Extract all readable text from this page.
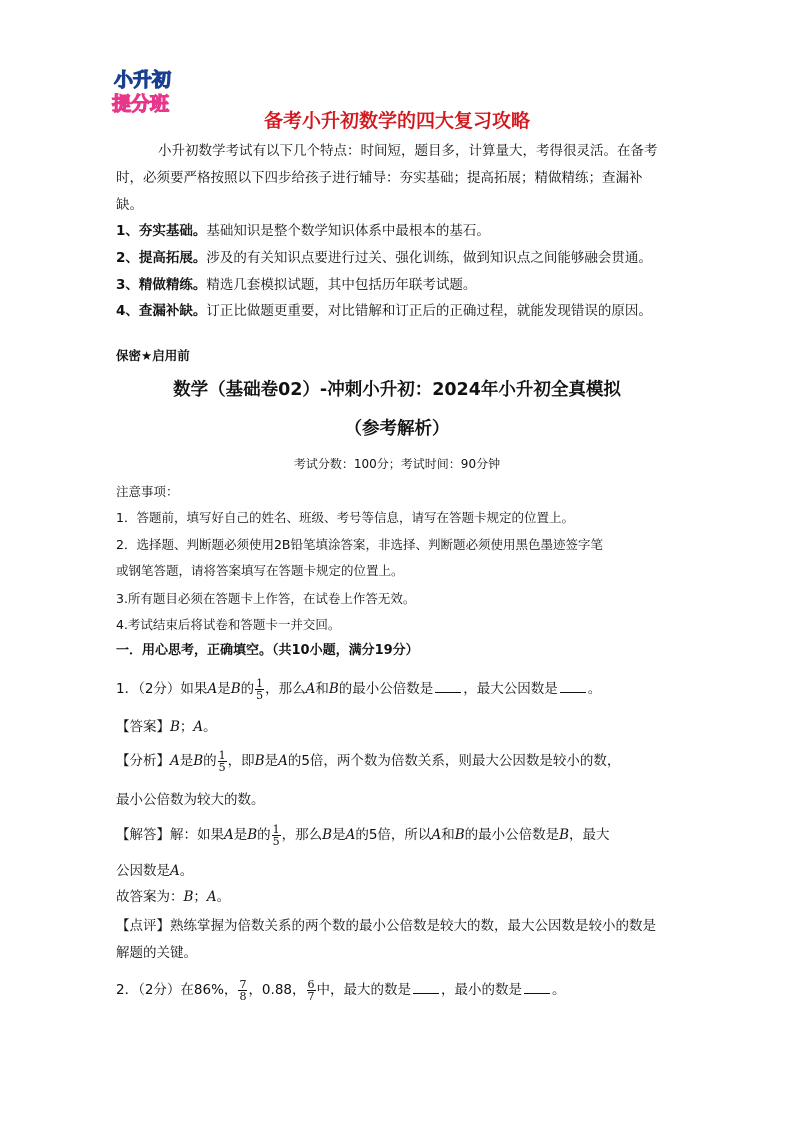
小升初
提分班
备考小升初数学的四大复习攻略
小升初数学考试有以下几个特点：时间短，题目多，计算量大，考得很灵活。在备考
时，必须要严格按照以下四步给孩子进行辅导：夯实基础；提高拓展；精做精练；查漏补
缺。
1、夯实基础。基础知识是整个数学知识体系中最根本的基石。
2、提高拓展。涉及的有关知识点要进行过关、强化训练，做到知识点之间能够融会贯通。
3、精做精练。精选几套模拟试题，其中包括历年联考试题。
4、查漏补缺。订正比做题更重要，对比错解和订正后的正确过程，就能发现错误的原因。
保密★启用前
数学（基础卷02）-冲刺小升初：2024年小升初全真模拟
（参考解析）
考试分数：100分；考试时间：90分钟
注意事项：
1．答题前，填写好自己的姓名、班级、考号等信息，请写在答题卡规定的位置上。
2．选择题、判断题必须使用2B铅笔填涂答案，非选择、判断题必须使用黑色墨迹签字笔
或钢笔答题，请将答案填写在答题卡规定的位置上。
3.所有题目必须在答题卡上作答，在试卷上作答无效。
4.考试结束后将试卷和答题卡一并交回。
一．用心思考，正确填空。（共10小题，满分19分）
1．（2分）如果A是B的 $\frac{1}{5}$ ，那么A和B的最小公倍数是 ，最大公因数是 。
【答案】B；A。
【分析】A是B的 $\frac{1}{5}$ ，即B是A的5倍，两个数为倍数关系，则最大公因数是较小的数，
最小公倍数为较大的数。
【解答】解：如果A是B的 $\frac{1}{5}$ ，那么B是A的5倍，所以A和B的最小公倍数是B，最大
公因数是A。
故答案为：B；A。
【点评】熟练掌握为倍数关系的两个数的最小公倍数是较大的数，最大公因数是较小的数是
解题的关键。
2．（2分）在86%， $\frac{7}{8}$ ，0.88， $\frac{6}{7}$ 中，最大的数是 ，最小的数是 。
